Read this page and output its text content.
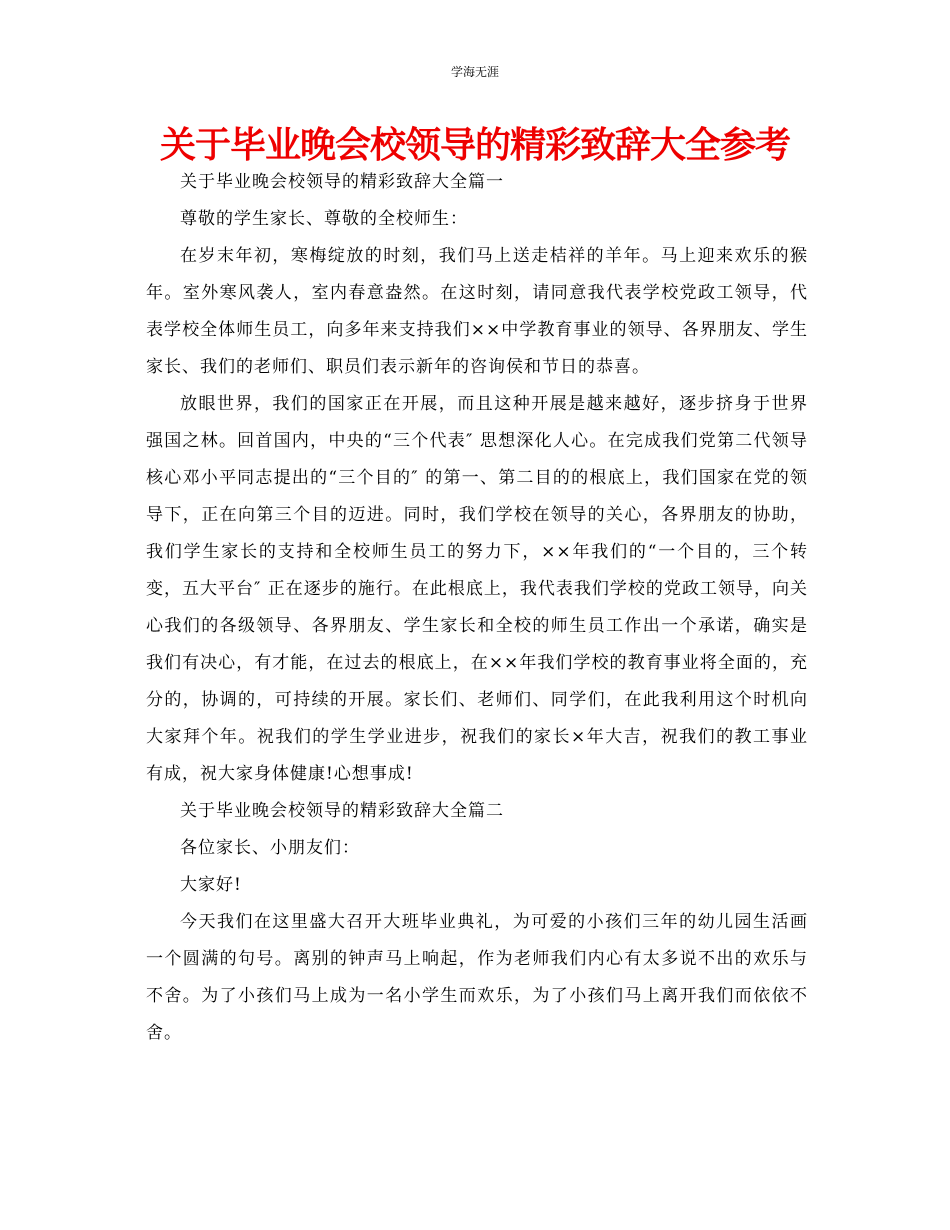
学海无涯
关于毕业晚会校领导的精彩致辞大全参考

关于毕业晚会校领导的精彩致辞大全篇一

尊敬的学生家长、尊敬的全校师生：

在岁末年初，寒梅绽放的时刻，我们马上送走桔祥的羊年。马上迎来欢乐的猴年。室外寒风袭人，室内春意盎然。在这时刻，请同意我代表学校党政工领导，代表学校全体师生员工，向多年来支持我们××中学教育事业的领导、各界朋友、学生家长、我们的老师们、职员们表示新年的咨询侯和节日的恭喜。

放眼世界，我们的国家正在开展，而且这种开展是越来越好，逐步挤身于世界强国之林。回首国内，中央的“三个代表″ 思想深化人心。在完成我们党第二代领导核心邓小平同志提出的“三个目的″ 的第一、第二目的的根底上，我们国家在党的领导下，正在向第三个目的迈进。同时，我们学校在领导的关心，各界朋友的协助，我们学生家长的支持和全校师生员工的努力下，××年我们的“一个目的，三个转变，五大平台″ 正在逐步的施行。在此根底上，我代表我们学校的党政工领导，向关心我们的各级领导、各界朋友、学生家长和全校的师生员工作出一个承诺，确实是我们有决心，有才能，在过去的根底上，在××年我们学校的教育事业将全面的，充分的，协调的，可持续的开展。家长们、老师们、同学们，在此我利用这个时机向大家拜个年。祝我们的学生学业进步，祝我们的家长×年大吉，祝我们的教工事业有成，祝大家身体健康!心想事成!

关于毕业晚会校领导的精彩致辞大全篇二

各位家长、小朋友们：

大家好!

今天我们在这里盛大召开大班毕业典礼，为可爱的小孩们三年的幼儿园生活画一个圆满的句号。离别的钟声马上响起，作为老师我们内心有太多说不出的欢乐与不舍。为了小孩们马上成为一名小学生而欢乐，为了小孩们马上离开我们而依依不舍。
